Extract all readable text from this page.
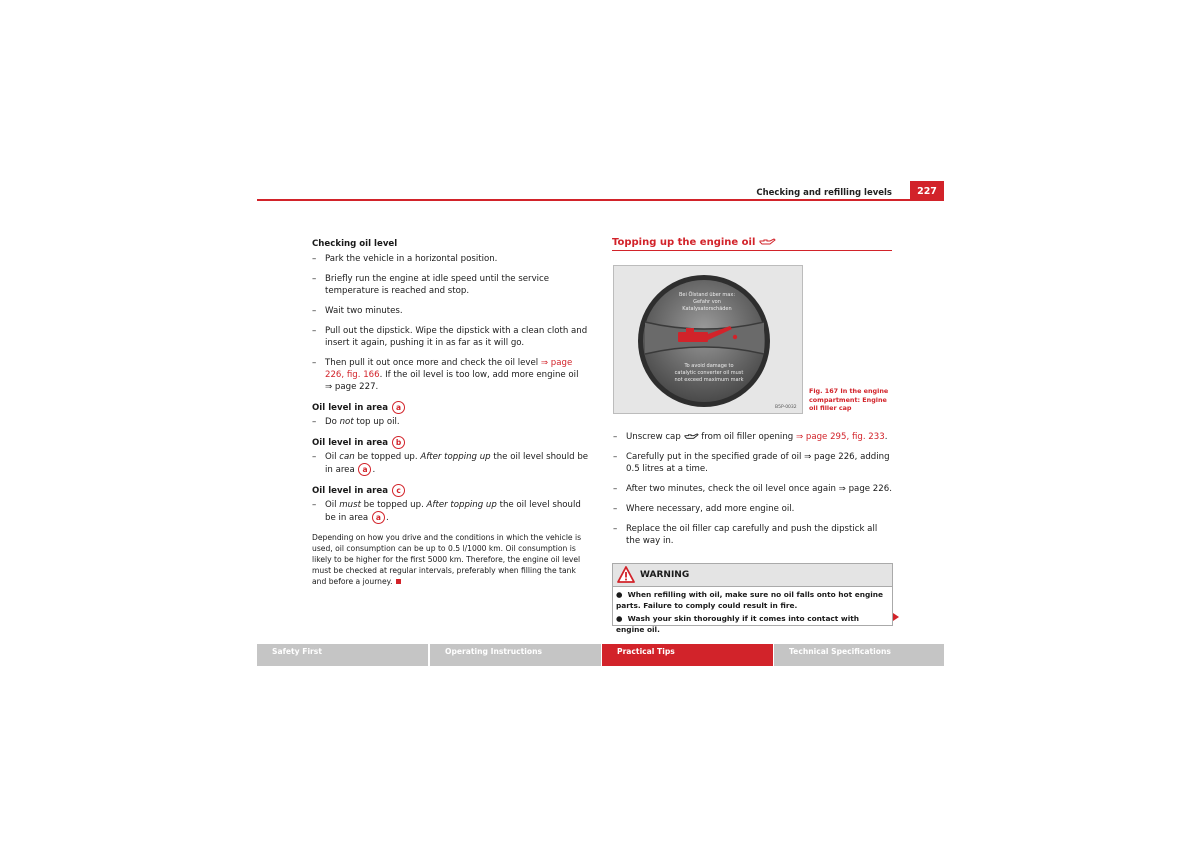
Checking and refilling levels	227

Checking oil level

– Park the vehicle in a horizontal position.
– Briefly run the engine at idle speed until the service temperature is reached and stop.
– Wait two minutes.
– Pull out the dipstick. Wipe the dipstick with a clean cloth and insert it again, pushing it in as far as it will go.
– Then pull it out once more and check the oil level ⇒ page 226, fig. 166. If the oil level is too low, add more engine oil
⇒ page 227.

Oil level in area a

– Do not top up oil.

Oil level in area b

– Oil can be topped up. After topping up the oil level should be in area a .

Oil level in area c

– Oil must be topped up. After topping up the oil level should be in area a .

Depending on how you drive and the conditions in which the vehicle is used, oil consumption can be up to 0.5 l/1000 km. Oil consumption is likely to be higher for the first 5000 km. Therefore, the engine oil level must be checked at regular intervals, preferably when filling the tank and before a journey.

Topping up the engine oil
Bei Ölstand über max: Gefahr von Katalysatorschäden
To avoid damage to catalytic converter oil must not exceed maximum mark
B5P-0032
Fig. 167 In the engine compartment: Engine oil filler cap
– Unscrew cap  from oil filler opening ⇒ page 295, fig. 233.
– Carefully put in the specified grade of oil ⇒ page 226, adding 0.5 litres at a time.
– After two minutes, check the oil level once again ⇒ page 226.
– Where necessary, add more engine oil.
– Replace the oil filler cap carefully and push the dipstick all the way in.
WARNING

●  When refilling with oil, make sure no oil falls onto hot engine parts. Failure to comply could result in fire.

●  Wash your skin thoroughly if it comes into contact with engine oil.

Safety First	Operating Instructions	Practical Tips	Technical Specifications
